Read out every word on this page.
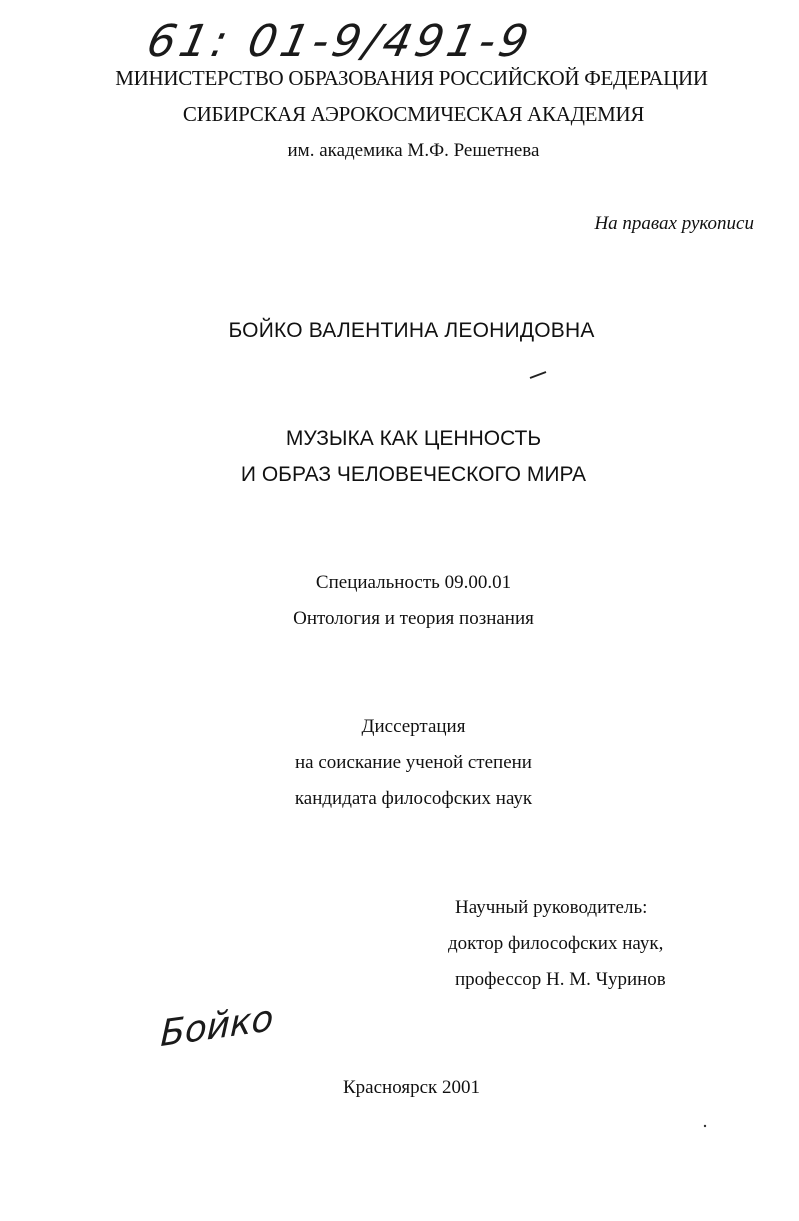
61: 01-9/491-9
МИНИСТЕРСТВО ОБРАЗОВАНИЯ РОССИЙСКОЙ ФЕДЕРАЦИИ
СИБИРСКАЯ АЭРОКОСМИЧЕСКАЯ АКАДЕМИЯ
им. академика М.Ф. Решетнева
На правах рукописи
БОЙКО ВАЛЕНТИНА ЛЕОНИДОВНА
МУЗЫКА КАК ЦЕННОСТЬ
И ОБРАЗ ЧЕЛОВЕЧЕСКОГО МИРА
Специальность 09.00.01
Онтология и теория познания
Диссертация
на соискание ученой степени
кандидата философских наук
Научный руководитель:
доктор философских наук,
профессор Н. М. Чуринов
Бойко
Красноярск 2001
